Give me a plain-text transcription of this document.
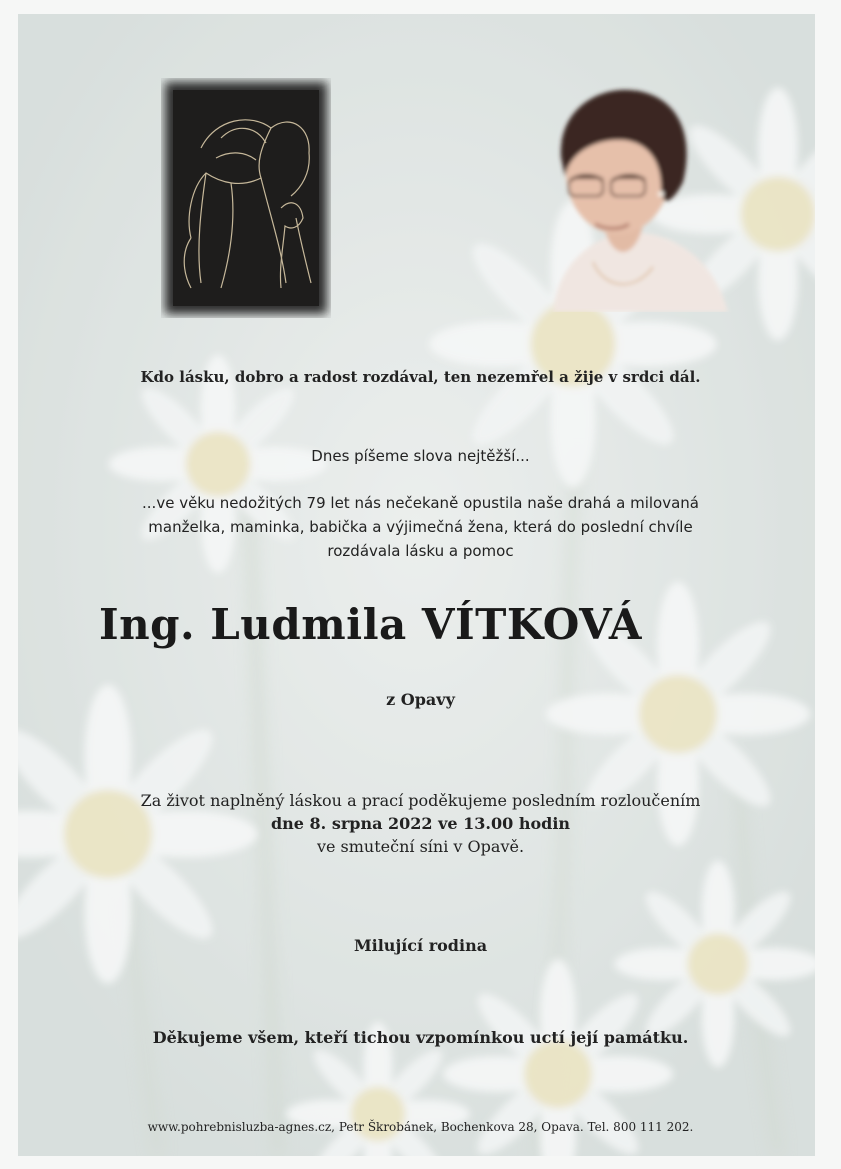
Kdo lásku, dobro a radost rozdával, ten nezemřel a žije v srdci dál.
Dnes píšeme slova nejtěžší...
...ve věku nedožitých 79 let nás nečekaně opustila naše drahá a milovaná
manželka, maminka, babička a výjimečná žena, která do poslední chvíle
rozdávala lásku a pomoc
Ing. Ludmila VÍTKOVÁ
z Opavy
Za život naplněný láskou a prací poděkujeme posledním rozloučením
dne 8. srpna 2022 ve 13.00 hodin
ve smuteční síni v Opavě.
Milující rodina
Děkujeme všem, kteří tichou vzpomínkou uctí její památku.
www.pohrebnisluzba-agnes.cz, Petr Škrobánek, Bochenkova 28, Opava. Tel. 800 111 202.
